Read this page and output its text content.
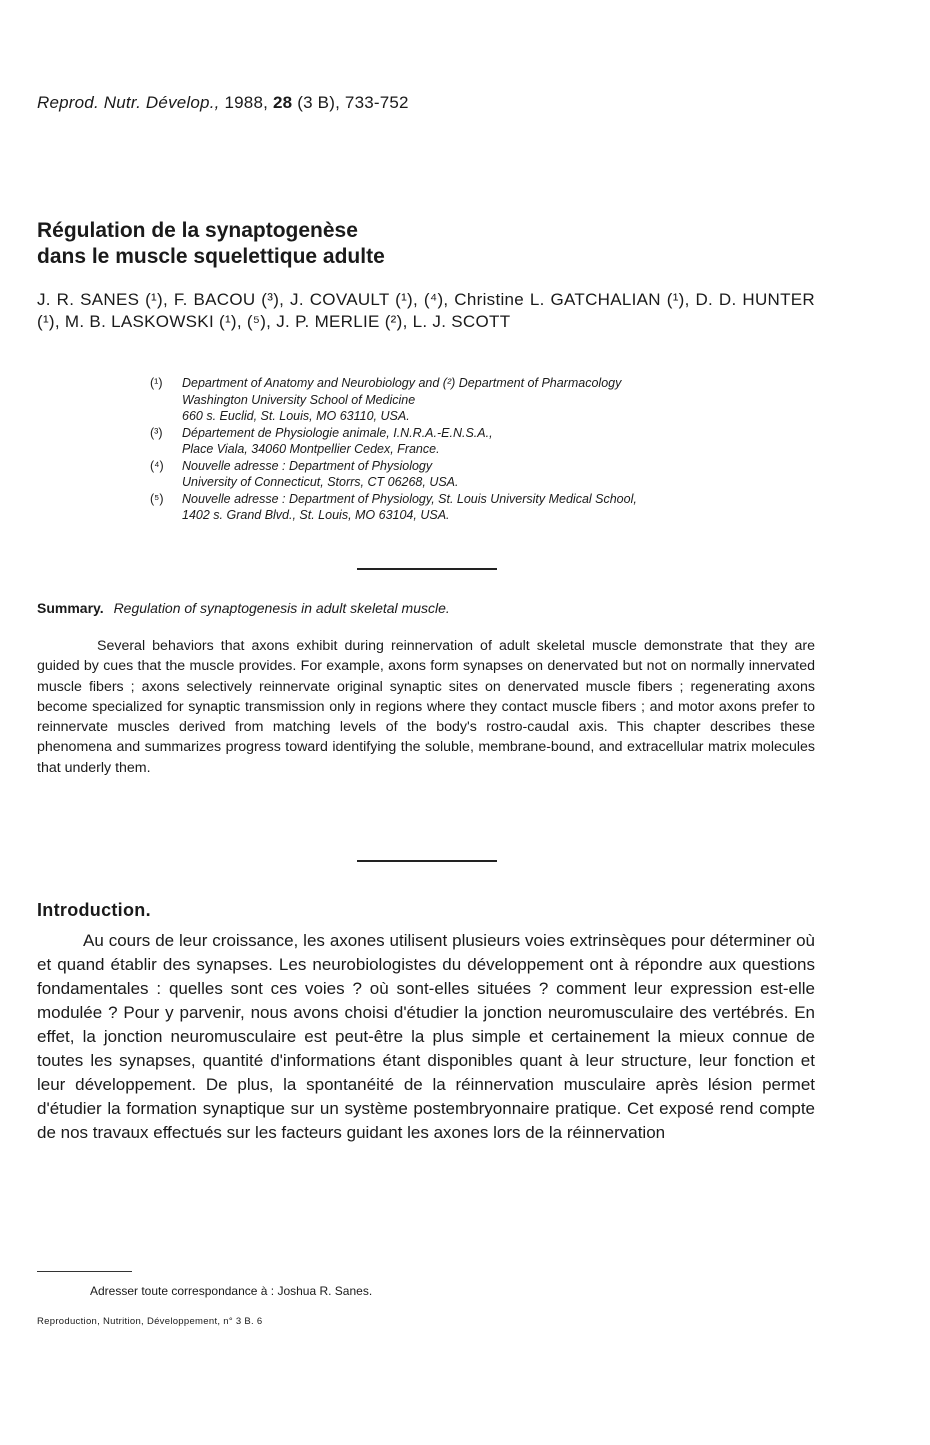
Reprod. Nutr. Dévelop., 1988, 28 (3 B), 733-752
Régulation de la synaptogenèse
dans le muscle squelettique adulte
J. R. SANES (¹), F. BACOU (³), J. COVAULT (¹), (⁴), Christine L. GATCHALIAN (¹), D. D. HUNTER (¹), M. B. LASKOWSKI (¹), (⁵), J. P. MERLIE (²), L. J. SCOTT
(¹)	Department of Anatomy and Neurobiology and (²) Department of Pharmacology
Washington University School of Medicine
660 s. Euclid, St. Louis, MO 63110, USA.
(³)	Département de Physiologie animale, I.N.R.A.-E.N.S.A.,
Place Viala, 34060 Montpellier Cedex, France.
(⁴)	Nouvelle adresse : Department of Physiology
University of Connecticut, Storrs, CT 06268, USA.
(⁵)	Nouvelle adresse : Department of Physiology, St. Louis University Medical School,
1402 s. Grand Blvd., St. Louis, MO 63104, USA.
Summary. Regulation of synaptogenesis in adult skeletal muscle.

Several behaviors that axons exhibit during reinnervation of adult skeletal muscle demonstrate that they are guided by cues that the muscle provides. For example, axons form synapses on denervated but not on normally innervated muscle fibers ; axons selectively reinnervate original synaptic sites on denervated muscle fibers ; regenerating axons become specialized for synaptic transmission only in regions where they contact muscle fibers ; and motor axons prefer to reinnervate muscles derived from matching levels of the body's rostro-caudal axis. This chapter describes these phenomena and summarizes progress toward identifying the soluble, membrane-bound, and extracellular matrix molecules that underly them.

Introduction.

Au cours de leur croissance, les axones utilisent plusieurs voies extrinsèques pour déterminer où et quand établir des synapses. Les neurobiologistes du développement ont à répondre aux questions fondamentales : quelles sont ces voies ? où sont-elles situées ? comment leur expression est-elle modulée ? Pour y parvenir, nous avons choisi d'étudier la jonction neuromusculaire des vertébrés. En effet, la jonction neuromusculaire est peut-être la plus simple et certainement la mieux connue de toutes les synapses, quantité d'informations étant disponibles quant à leur structure, leur fonction et leur développement. De plus, la spontanéité de la réinnervation musculaire après lésion permet d'étudier la formation synaptique sur un système postembryonnaire pratique. Cet exposé rend compte de nos travaux effectués sur les facteurs guidant les axones lors de la réinnervation

Adresser toute correspondance à : Joshua R. Sanes.
Reproduction, Nutrition, Développement, n° 3 B. 6
